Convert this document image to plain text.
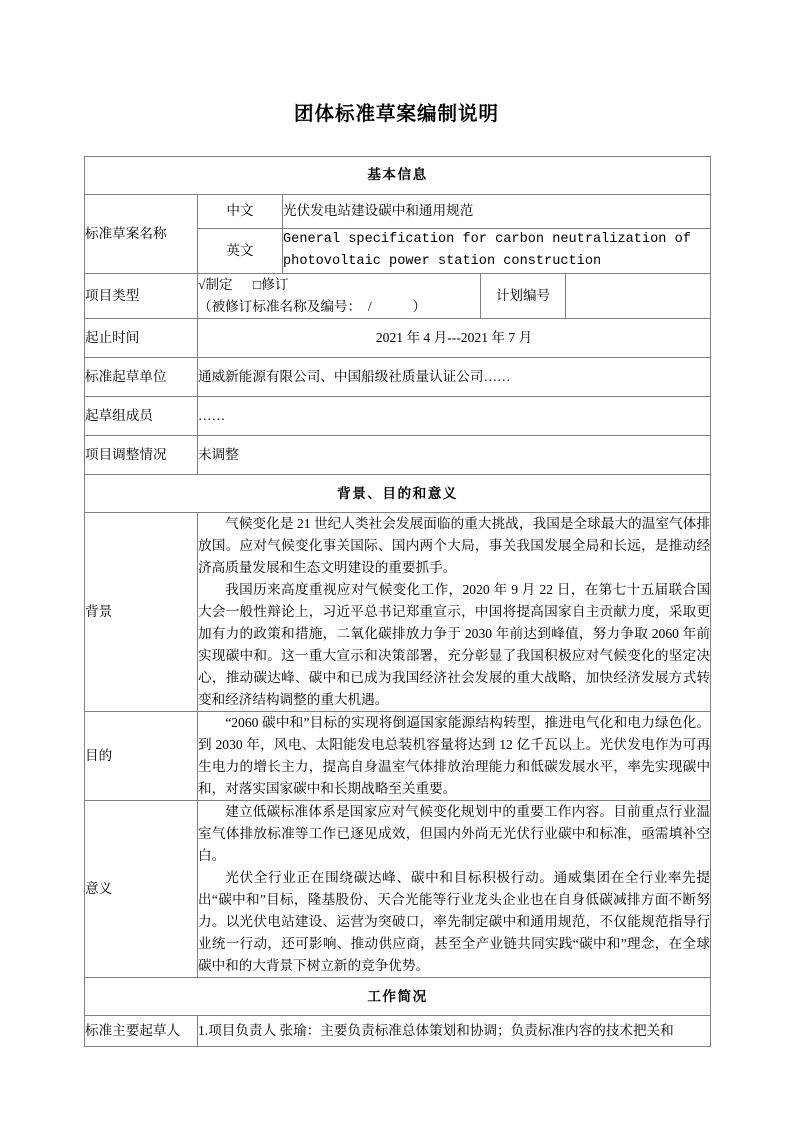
团体标准草案编制说明
基本信息				
标准草案名称	中文	光伏发电站建设碳中和通用规范		
	英文	General specification for carbon neutralization of
photovoltaic power station construction		

项目类型	√制定      □修订
（被修订标准名称及编号：  /            ）		计划编号	
起止时间	2021 年 4 月---2021 年 7 月			
标准起草单位	通威新能源有限公司、中国船级社质量认证公司……			
起草组成员	……			
项目调整情况	未调整			
背景、目的和意义				
背景	气候变化是 21 世纪人类社会发展面临的重大挑战，我国是全球最大的温室气体排放国。应对气候变化事关国际、国内两个大局，事关我国发展全局和长远，是推动经济高质量发展和生态文明建设的重要抓手。

我国历来高度重视应对气候变化工作，2020 年 9 月 22 日，在第七十五届联合国大会一般性辩论上，习近平总书记郑重宣示，中国将提高国家自主贡献力度，采取更加有力的政策和措施，二氧化碳排放力争于 2030 年前达到峰值，努力争取 2060 年前实现碳中和。这一重大宣示和决策部署，充分彰显了我国积极应对气候变化的坚定决心，推动碳达峰、碳中和已成为我国经济社会发展的重大战略，加快经济发展方式转变和经济结构调整的重大机遇。			

目的	“2060 碳中和”目标的实现将倒逼国家能源结构转型，推进电气化和电力绿色化。到 2030 年，风电、太阳能发电总装机容量将达到 12 亿千瓦以上。光伏发电作为可再生电力的增长主力，提高自身温室气体排放治理能力和低碳发展水平，率先实现碳中和，对落实国家碳中和长期战略至关重要。			

意义	建立低碳标准体系是国家应对气候变化规划中的重要工作内容。目前重点行业温室气体排放标准等工作已逐见成效，但国内外尚无光伏行业碳中和标准，亟需填补空白。

光伏全行业正在围绕碳达峰、碳中和目标积极行动。通威集团在全行业率先提出“碳中和”目标，隆基股份、天合光能等行业龙头企业也在自身低碳减排方面不断努力。以光伏电站建设、运营为突破口，率先制定碳中和通用规范，不仅能规范指导行业统一行动，还可影响、推动供应商，甚至全产业链共同实践“碳中和”理念，在全球碳中和的大背景下树立新的竞争优势。			

工作简况				
标准主要起草人	1.项目负责人 张瑜：主要负责标准总体策划和协调；负责标准内容的技术把关和			
